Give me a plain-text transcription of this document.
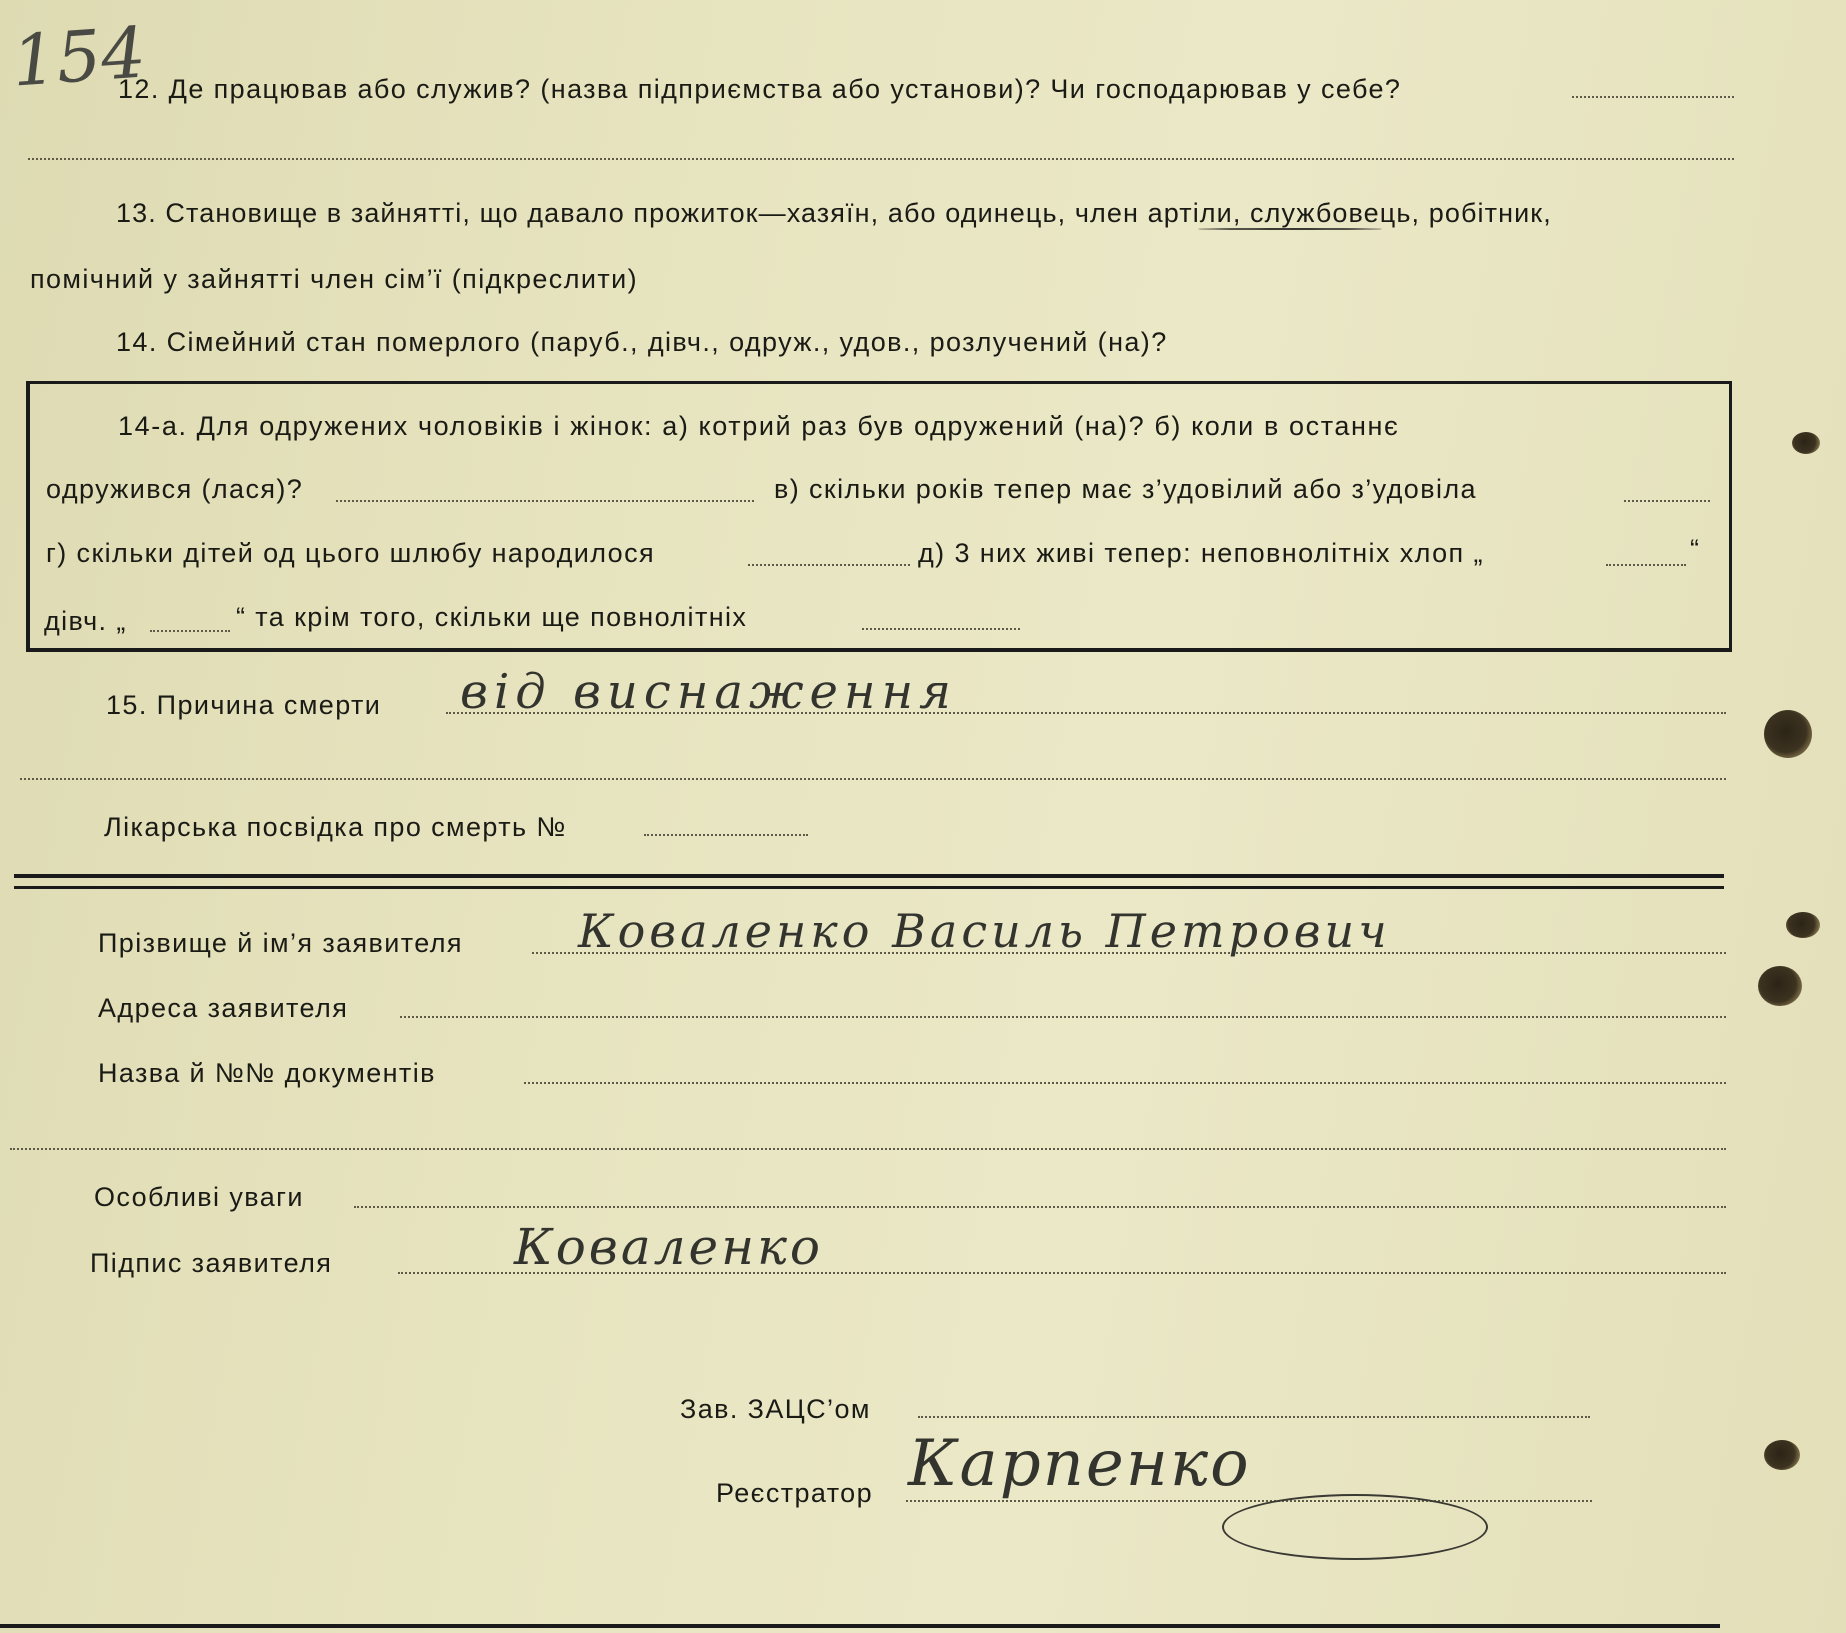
154
12. Де працював або служив? (назва підприємства або установи)? Чи господарював у себе?
13. Становище в зайнятті, що давало прожиток—хазяїн, або одинець, член артіли, службовець, робітник,
помічний у зайнятті член сім’ї (підкреслити)
14. Сімейний стан померлого (паруб., дівч., одруж., удов., розлучений (на)?
14-а. Для одружених чоловіків і жінок: а) котрий раз був одружений (на)? б) коли в останнє
одружився (лася)?	в) скільки років тепер має з’удовілий або з’удовіла
г) скільки дітей од цього шлюбу народилося	д) 3 них живі тепер: неповнолітніх хлоп „	“
дівч. „	“ та крім того, скільки ще повнолітніх
15. Причина смерти від виснаження
Лікарська посвідка про смерть №
Прізвище й ім’я заявителя	Коваленко Василь Петрович
Адреса заявителя
Назва й №№ документів
Особливі уваги
Підпис заявителя	Коваленко
Зав. ЗАЦС’ом
Реєстратор Карпенко
